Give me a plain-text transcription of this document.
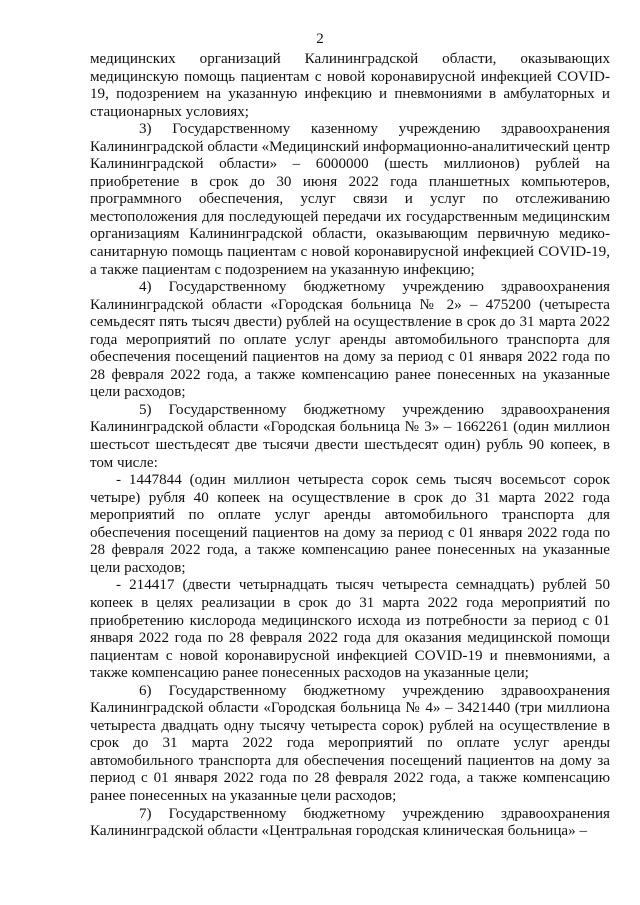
2

медицинских организаций Калининградской области, оказывающих медицинскую помощь пациентам с новой коронавирусной инфекцией COVID-19, подозрением на указанную инфекцию и пневмониями в амбулаторных и стационарных условиях;

3) Государственному казенному учреждению здравоохранения Калининградской области «Медицинский информационно-аналитический центр Калининградской области» – 6000000 (шесть миллионов) рублей на приобретение в срок до 30 июня 2022 года планшетных компьютеров, программного обеспечения, услуг связи и услуг по отслеживанию местоположения для последующей передачи их государственным медицинским организациям Калининградской области, оказывающим первичную медико-санитарную помощь пациентам с новой коронавирусной инфекцией COVID-19, а также пациентам с подозрением на указанную инфекцию;

4) Государственному бюджетному учреждению здравоохранения Калининградской области «Городская больница № 2» – 475200 (четыреста семьдесят пять тысяч двести) рублей на осуществление в срок до 31 марта 2022 года мероприятий по оплате услуг аренды автомобильного транспорта для обеспечения посещений пациентов на дому за период с 01 января 2022 года по 28 февраля 2022 года, а также компенсацию ранее понесенных на указанные цели расходов;

5) Государственному бюджетному учреждению здравоохранения Калининградской области «Городская больница № 3» – 1662261 (один миллион шестьсот шестьдесят две тысячи двести шестьдесят один) рубль 90 копеек, в том числе:

- 1447844 (один миллион четыреста сорок семь тысяч восемьсот сорок четыре) рубля 40 копеек на осуществление в срок до 31 марта 2022 года мероприятий по оплате услуг аренды автомобильного транспорта для обеспечения посещений пациентов на дому за период с 01 января 2022 года по 28 февраля 2022 года, а также компенсацию ранее понесенных на указанные цели расходов;

- 214417 (двести четырнадцать тысяч четыреста семнадцать) рублей 50 копеек в целях реализации в срок до 31 марта 2022 года мероприятий по приобретению кислорода медицинского исхода из потребности за период с 01 января 2022 года по 28 февраля 2022 года для оказания медицинской помощи пациентам с новой коронавирусной инфекцией COVID-19 и пневмониями, а также компенсацию ранее понесенных расходов на указанные цели;

6) Государственному бюджетному учреждению здравоохранения Калининградской области «Городская больница № 4» – 3421440 (три миллиона четыреста двадцать одну тысячу четыреста сорок) рублей на осуществление в срок до 31 марта 2022 года мероприятий по оплате услуг аренды автомобильного транспорта для обеспечения посещений пациентов на дому за период с 01 января 2022 года по 28 февраля 2022 года, а также компенсацию ранее понесенных на указанные цели расходов;

7) Государственному бюджетному учреждению здравоохранения Калининградской области «Центральная городская клиническая больница» –
